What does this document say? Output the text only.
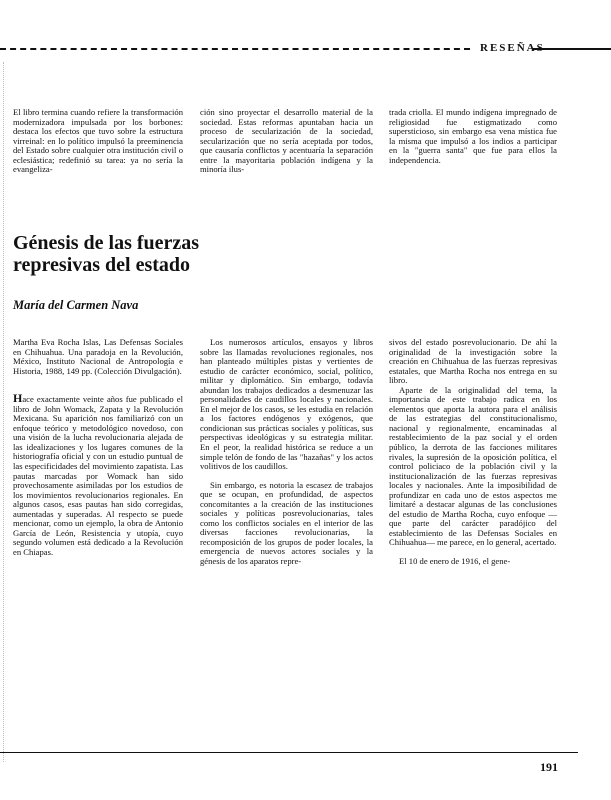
RESEÑAS

El libro termina cuando refiere la transformación modernizadora impulsada por los borbones: destaca los efectos que tuvo sobre la estructura virreinal: en lo político impulsó la preeminencia del Estado sobre cualquier otra institución civil o eclesiástica; redefinió su tarea: ya no sería la evangeliza-

ción sino proyectar el desarrollo material de la sociedad. Estas reformas apuntaban hacia un proceso de secularización de la sociedad, secularización que no sería aceptada por todos, que causaría conflictos y acentuaría la separación entre la mayoritaria población indígena y la minoría ilus-

trada criolla. El mundo indígena impregnado de religiosidad fue estigmatizado como supersticioso, sin embargo esa vena mística fue la misma que impulsó a los indios a participar en la "guerra santa" que fue para ellos la independencia.

Génesis de las fuerzas represivas del estado
María del Carmen Nava

Martha Eva Rocha Islas, Las Defensas Sociales en Chihuahua. Una paradoja en la Revolución, México, Instituto Nacional de Antropología e Historia, 1988, 149 pp. (Colección Divulgación).

Hace exactamente veinte años fue publicado el libro de John Womack, Zapata y la Revolución Mexicana. Su aparición nos familiarizó con un enfoque teórico y metodológico novedoso, con una visión de la lucha revolucionaria alejada de las idealizaciones y los lugares comunes de la historiografía oficial y con un estudio puntual de las especificidades del movimiento zapatista. Las pautas marcadas por Womack han sido provechosamente asimiladas por los estudios de los movimientos revolucionarios regionales. En algunos casos, esas pautas han sido corregidas, aumentadas y superadas. Al respecto se puede mencionar, como un ejemplo, la obra de Antonio García de León, Resistencia y utopía, cuyo segundo volumen está dedicado a la Revolución en Chiapas.

Los numerosos artículos, ensayos y libros sobre las llamadas revoluciones regionales, nos han planteado múltiples pistas y vertientes de estudio de carácter económico, social, político, militar y diplomático. Sin embargo, todavía abundan los trabajos dedicados a desmenuzar las personalidades de caudillos locales y nacionales. En el mejor de los casos, se les estudia en relación a los factores endógenos y exógenos, que condicionan sus prácticas sociales y políticas, sus perspectivas ideológicas y su estrategia militar. En el peor, la realidad histórica se reduce a un simple telón de fondo de las "hazañas" y los actos volitivos de los caudillos.

Sin embargo, es notoria la escasez de trabajos que se ocupan, en profundidad, de aspectos concomitantes a la creación de las instituciones sociales y políticas posrevolucionarias, tales como los conflictos sociales en el interior de las diversas facciones revolucionarias, la recomposición de los grupos de poder locales, la emergencia de nuevos actores sociales y la génesis de los aparatos repre-

sivos del estado posrevolucionario. De ahí la originalidad de la investigación sobre la creación en Chihuahua de las fuerzas represivas estatales, que Martha Rocha nos entrega en su libro.

Aparte de la originalidad del tema, la importancia de este trabajo radica en los elementos que aporta la autora para el análisis de las estrategias del constitucionalismo, nacional y regionalmente, encaminadas al restablecimiento de la paz social y el orden público, la derrota de las facciones militares rivales, la supresión de la oposición política, el control policiaco de la población civil y la institucionalización de las fuerzas represivas locales y nacionales. Ante la imposibilidad de profundizar en cada uno de estos aspectos me limitaré a destacar algunas de las conclusiones del estudio de Martha Rocha, cuyo enfoque —que parte del carácter paradójico del establecimiento de las Defensas Sociales en Chihuahua— me parece, en lo general, acertado.

El 10 de enero de 1916, el gene-

191
